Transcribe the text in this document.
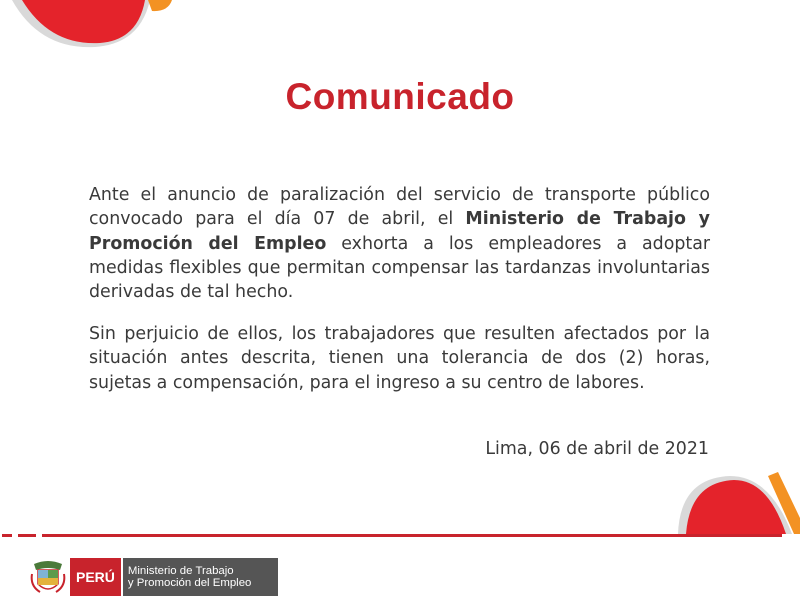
Comunicado

Ante el anuncio de paralización del servicio de transporte público convocado para el día 07 de abril, el Ministerio de Trabajo y Promoción del Empleo exhorta a los empleadores a adoptar medidas flexibles que permitan compensar las tardanzas involuntarias derivadas de tal hecho.

Sin perjuicio de ellos, los trabajadores que resulten afectados por la situación antes descrita, tienen una tolerancia de dos (2) horas, sujetas a compensación, para el ingreso a su centro de labores.

Lima, 06 de abril de 2021
PERÚ	Ministerio de Trabajo
y Promoción del Empleo
